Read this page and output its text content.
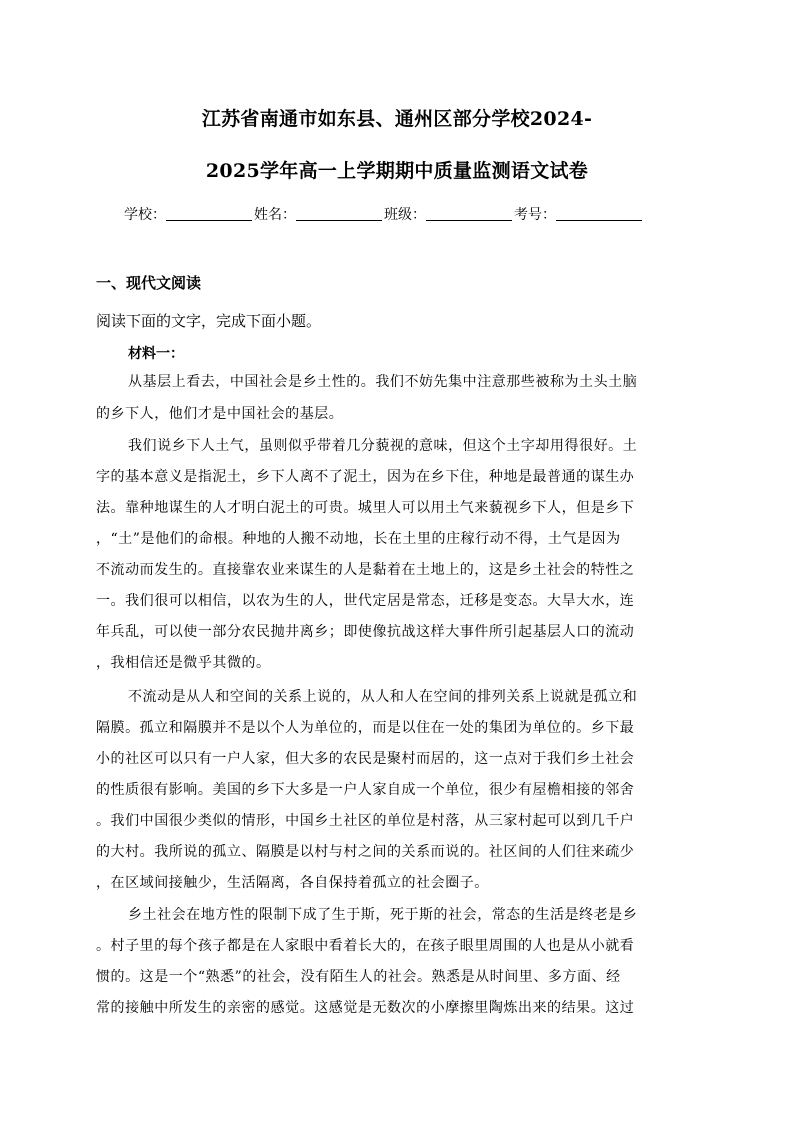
江苏省南通市如东县、通州区部分学校2024-
2025学年高一上学期期中质量监测语文试卷
学校：	姓名：	班级：	考号：
一、现代文阅读
阅读下面的文字，完成下面小题。
材料一：
从基层上看去，中国社会是乡土性的。我们不妨先集中注意那些被称为土头土脑
的乡下人，他们才是中国社会的基层。
我们说乡下人土气，虽则似乎带着几分藐视的意味，但这个土字却用得很好。土
字的基本意义是指泥土，乡下人离不了泥土，因为在乡下住，种地是最普通的谋生办
法。靠种地谋生的人才明白泥土的可贵。城里人可以用土气来藐视乡下人，但是乡下
，“土”是他们的命根。种地的人搬不动地，长在土里的庄稼行动不得，土气是因为
不流动而发生的。直接靠农业来谋生的人是黏着在土地上的，这是乡土社会的特性之
一。我们很可以相信，以农为生的人，世代定居是常态，迁移是变态。大旱大水，连
年兵乱，可以使一部分农民抛井离乡；即使像抗战这样大事件所引起基层人口的流动
，我相信还是微乎其微的。
不流动是从人和空间的关系上说的，从人和人在空间的排列关系上说就是孤立和
隔膜。孤立和隔膜并不是以个人为单位的，而是以住在一处的集团为单位的。乡下最
小的社区可以只有一户人家，但大多的农民是聚村而居的，这一点对于我们乡土社会
的性质很有影响。美国的乡下大多是一户人家自成一个单位，很少有屋檐相接的邻舍
。我们中国很少类似的情形，中国乡土社区的单位是村落，从三家村起可以到几千户
的大村。我所说的孤立、隔膜是以村与村之间的关系而说的。社区间的人们往来疏少
，在区域间接触少，生活隔离，各自保持着孤立的社会圈子。
乡土社会在地方性的限制下成了生于斯，死于斯的社会，常态的生活是终老是乡
。村子里的每个孩子都是在人家眼中看着长大的，在孩子眼里周围的人也是从小就看
惯的。这是一个“熟悉”的社会，没有陌生人的社会。熟悉是从时间里、多方面、经
常的接触中所发生的亲密的感觉。这感觉是无数次的小摩擦里陶炼出来的结果。这过
